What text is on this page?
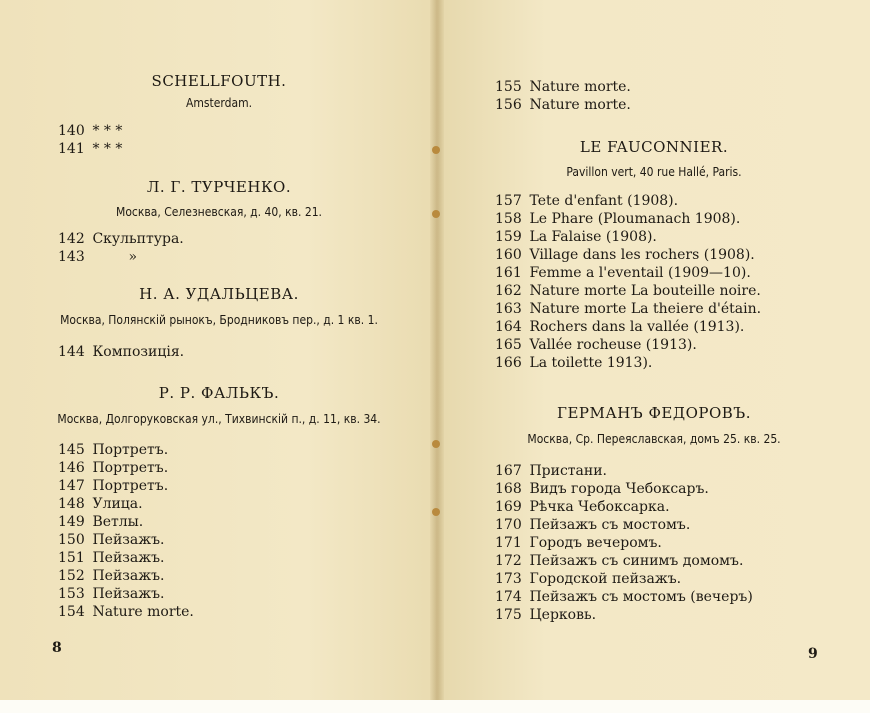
SCHELLFOUTH.
Amsterdam.
140 * * *
141 * * *
Л. Г. ТУРЧЕНКО.
Москва, Селезневская, д. 40, кв. 21.
142 Скульптура.
143	»
Н. А. УДАЛЬЦЕВА.
Москва, Полянскiй рынокъ, Бродниковъ пер., д. 1 кв. 1.
144 Композицiя.
Р. Р. ФАЛЬКЪ.
Москва, Долгоруковская ул., Тихвинскiй п., д. 11, кв. 34.
145 Портретъ.
146 Портретъ.
147 Портретъ.
148 Улица.
149 Ветлы.
150 Пейзажъ.
151 Пейзажъ.
152 Пейзажъ.
153 Пейзажъ.
154 Nature morte.
8
155 Nature morte.
156 Nature morte.
LE FAUCONNIER.
Pavillon vert, 40 rue Hallé, Paris.
157 Tete d'enfant (1908).
158 Le Phare (Ploumanach 1908).
159 La Falaise (1908).
160 Village dans les rochers (1908).
161 Femme a l'eventail (1909—10).
162 Nature morte La bouteille noire.
163 Nature morte La theiere d'étain.
164 Rochers dans la vallée (1913).
165 Vallée rocheuse (1913).
166 La toilette 1913).
ГЕРМАНЪ ФЕДОРОВЪ.
Москва, Ср. Переяславская, домъ 25. кв. 25.
167 Пристани.
168 Видъ города Чебоксаръ.
169 Рѣчка Чебоксарка.
170 Пейзажъ съ мостомъ.
171 Городъ вечеромъ.
172 Пейзажъ съ синимъ домомъ.
173 Городской пейзажъ.
174 Пейзажъ съ мостомъ (вечеръ)
175 Церковь.
9
